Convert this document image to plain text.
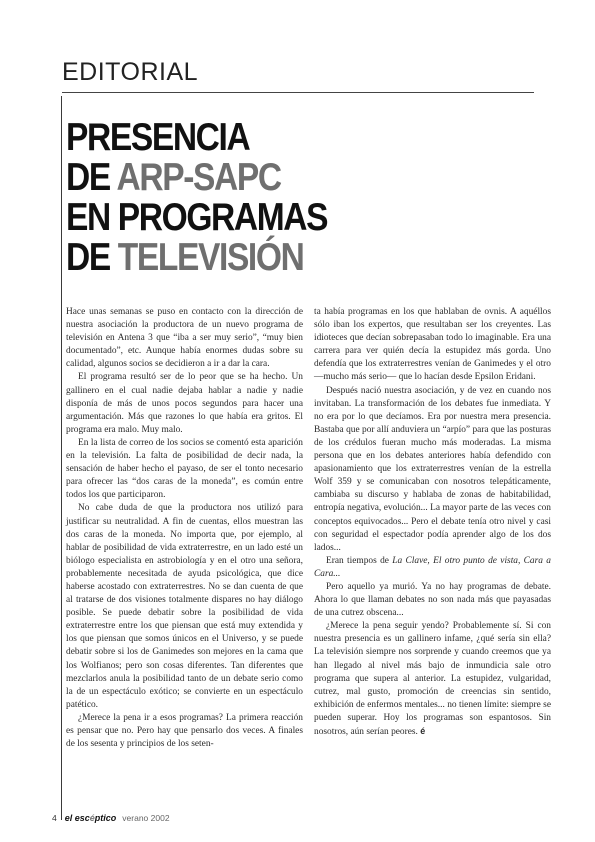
EDITORIAL
PRESENCIA
DE ARP-SAPC
EN PROGRAMAS
DE TELEVISIÓN

Hace unas semanas se puso en contacto con la dirección de nuestra asociación la productora de un nuevo programa de televisión en Antena 3 que “iba a ser muy serio”, “muy bien documentado”, etc. Aunque había enormes dudas sobre su calidad, algunos socios se decidieron a ir a dar la cara.

El programa resultó ser de lo peor que se ha hecho. Un gallinero en el cual nadie dejaba hablar a nadie y nadie disponía de más de unos pocos segundos para hacer una argumentación. Más que razones lo que había era gritos. El programa era malo. Muy malo.

En la lista de correo de los socios se comentó esta aparición en la televisión. La falta de posibilidad de decir nada, la sensación de haber hecho el payaso, de ser el tonto necesario para ofrecer las “dos caras de la moneda”, es común entre todos los que participaron.

No cabe duda de que la productora nos utilizó para justificar su neutralidad. A fin de cuentas, ellos muestran las dos caras de la moneda. No importa que, por ejemplo, al hablar de posibilidad de vida extraterrestre, en un lado esté un biólogo especialista en astrobiología y en el otro una señora, probablemente necesitada de ayuda psicológica, que dice haberse acostado con extraterrestres. No se dan cuenta de que al tratarse de dos visiones totalmente dispares no hay diálogo posible. Se puede debatir sobre la posibilidad de vida extraterrestre entre los que piensan que está muy extendida y los que piensan que somos únicos en el Universo, y se puede debatir sobre si los de Ganimedes son mejores en la cama que los Wolfianos; pero son cosas diferentes. Tan diferentes que mezclarlos anula la posibilidad tanto de un debate serio como la de un espectáculo exótico; se convierte en un espectáculo patético.

¿Merece la pena ir a esos programas? La primera reacción es pensar que no. Pero hay que pensarlo dos veces. A finales de los sesenta y principios de los seten-

ta había programas en los que hablaban de ovnis. A aquéllos sólo iban los expertos, que resultaban ser los creyentes. Las idioteces que decían sobrepasaban todo lo imaginable. Era una carrera para ver quién decía la estupidez más gorda. Uno defendía que los extraterrestres venían de Ganimedes y el otro —mucho más serio— que lo hacían desde Epsilon Eridani.

Después nació nuestra asociación, y de vez en cuando nos invitaban. La transformación de los debates fue inmediata. Y no era por lo que decíamos. Era por nuestra mera presencia. Bastaba que por allí anduviera un “arpío” para que las posturas de los crédulos fueran mucho más moderadas. La misma persona que en los debates anteriores había defendido con apasionamiento que los extraterrestres venían de la estrella Wolf 359 y se comunicaban con nosotros telepáticamente, cambiaba su discurso y hablaba de zonas de habitabilidad, entropía negativa, evolución... La mayor parte de las veces con conceptos equivocados... Pero el debate tenía otro nivel y casi con seguridad el espectador podía aprender algo de los dos lados...

Eran tiempos de La Clave, El otro punto de vista, Cara a Cara...

Pero aquello ya murió. Ya no hay programas de debate. Ahora lo que llaman debates no son nada más que payasadas de una cutrez obscena...

¿Merece la pena seguir yendo? Probablemente sí. Si con nuestra presencia es un gallinero infame, ¿qué sería sin ella? La televisión siempre nos sorprende y cuando creemos que ya han llegado al nivel más bajo de inmundicia sale otro programa que supera al anterior. La estupidez, vulgaridad, cutrez, mal gusto, promoción de creencias sin sentido, exhibición de enfermos mentales... no tienen límite: siempre se pueden superar. Hoy los programas son espantosos. Sin nosotros, aún serían peores. é

4 el escéptico verano 2002
